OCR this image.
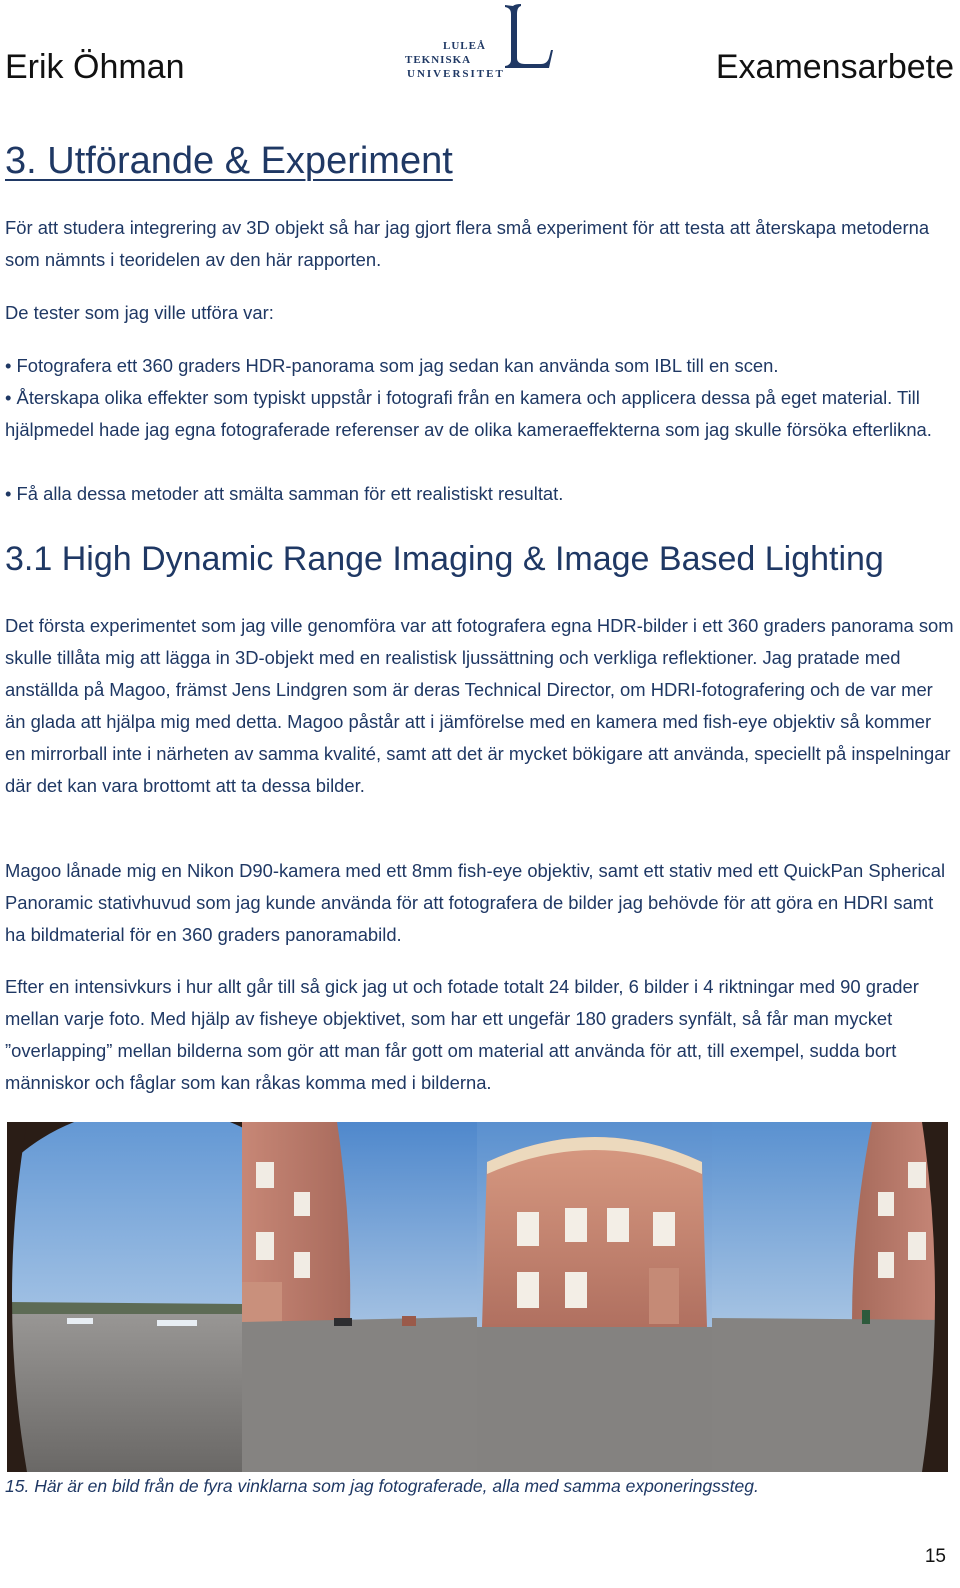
Erik Öhman
LULEÅ
TEKNISKA
UNIVERSITET	Examensarbete
3. Utförande & Experiment

För att studera integrering av 3D objekt så har jag gjort flera små experiment för att testa att återskapa metoderna som nämnts i teoridelen av den här rapporten.

De tester som jag ville utföra var:

• Fotografera ett 360 graders HDR-panorama som jag sedan kan använda som IBL till en scen.

• Återskapa olika effekter som typiskt uppstår i fotografi från en kamera och applicera dessa på eget material. Till hjälpmedel hade jag egna fotograferade referenser av de olika kameraeffekterna som jag skulle försöka efterlikna.

• Få alla dessa metoder att smälta samman för ett realistiskt resultat.

3.1 High Dynamic Range Imaging & Image Based Lighting

Det första experimentet som jag ville genomföra var att fotografera egna HDR-bilder i ett 360 graders panorama som skulle tillåta mig att lägga in 3D-objekt med en realistisk ljussättning och verkliga reflektioner. Jag pratade med anställda på Magoo, främst Jens Lindgren som är deras Technical Director, om HDRI-fotografering och de var mer än glada att hjälpa mig med detta. Magoo påstår att i jämförelse med en kamera med fish-eye objektiv så kommer en mirrorball inte i närheten av samma kvalité, samt att det är mycket bökigare att använda, speciellt på inspelningar där det kan vara brottomt att ta dessa bilder.

Magoo lånade mig en Nikon D90-kamera med ett 8mm fish-eye objektiv, samt ett stativ med ett QuickPan Spherical Panoramic stativhuvud som jag kunde använda för att fotografera de bilder jag behövde för att göra en HDRI samt ha bildmaterial för en 360 graders panoramabild.

Efter en intensivkurs i hur allt går till så gick jag ut och fotade totalt 24 bilder, 6 bilder i 4 riktningar med 90 grader mellan varje foto. Med hjälp av fisheye objektivet, som har ett ungefär 180 graders synfält, så får man mycket ”overlapping” mellan bilderna som gör att man får gott om material att använda för att, till exempel, sudda bort människor och fåglar som kan råkas komma med i bilderna.

15. Här är en bild från de fyra vinklarna som jag fotograferade, alla med samma exponeringssteg.
15
